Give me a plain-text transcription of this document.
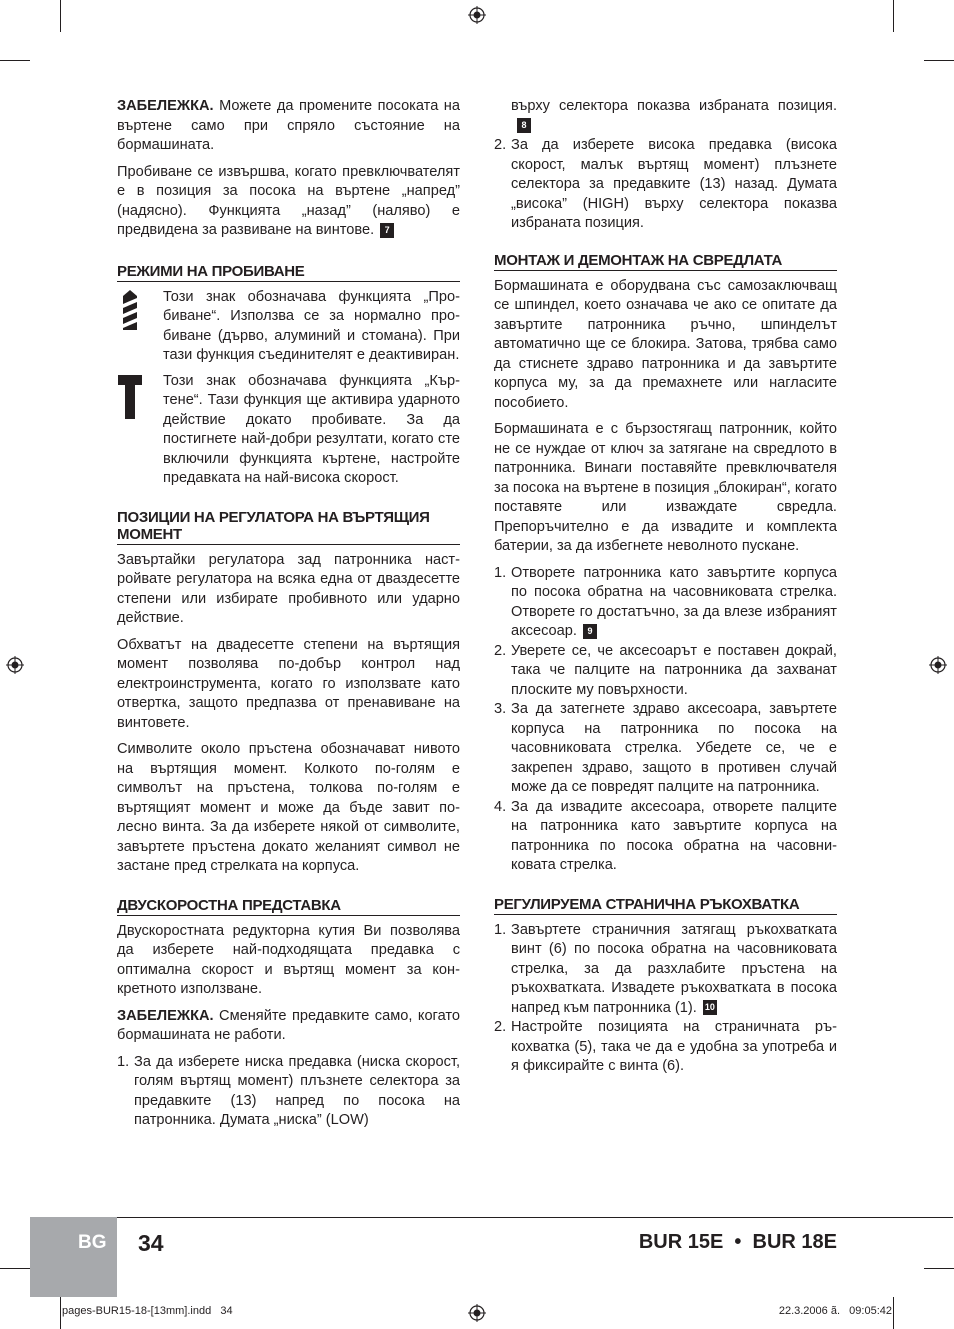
ЗАБЕЛЕЖКА. Можете да промените посоката на въртене само при спряло състояние на бормашината.

Пробиване се извършва, когато превключвателят е в позиция за посока на въртене „напред” (надясно). Функцията „назад” (наляво) е предвидена за развиване на винтове. 7

РЕЖИМИ НА ПРОБИВАНЕ

Този знак обозначава функцията „Пробиване“. Използва се за нормално пробиване (дърво, алуминий и стомана). При тази функция съединителят е деактивиран.

Този знак обозначава функцията „Къртене“. Тази функция ще активира ударното действие докато пробивате. За да постигнете най-добри резултати, когато сте включили функцията къртене, настройте предавката на най-висока скорост.

ПОЗИЦИИ НА РЕГУЛАТОРА НА ВЪРТЯЩИЯ МОМЕНТ

Завъртайки регулатора зад патронника настройвате регулатора на всяка една от дваздесетте степени или избирате пробивното или ударно действие.

Обхватът на двадесетте степени на въртящия момент позволява по-добър контрол над електроинструмента, когато го използвате като отвертка, защото предпазва от пренавиване на винтовете.

Символите около пръстена обозначават нивото на въртящия момент. Колкото по-голям е символът на пръстена, толкова по-голям е въртящият момент и може да бъде завит по-лесно винта. За да изберете някой от символите, завъртете пръстена докато желаният символ не застане пред стрелката на корпуса.

ДВУСКОРОСТНА ПРЕДСТАВКА

Двускоростната редукторна кутия Ви позволява да изберете най-подходящата предавка с оптимална скорост и въртящ момент за конкретното използване.

ЗАБЕЛЕЖКА. Сменяйте предавките само, когато бормашината не работи.

1. За да изберете ниска предавка (ниска скорост, голям въртящ момент) плъзнете селектора за предавките (13) напред по посока на патронника. Думата „ниска” (LOW)
върху селектора показва избраната позиция.8
2. За да изберете висока предавка (висока скорост, малък въртящ момент) плъзнете селектора за предавките (13) назад. Думата „висока” (HIGH) върху селектора показва избраната позиция.
МОНТАЖ И ДЕМОНТАЖ НА СВРЕДЛАТА

Бормашината е оборудвана със самозаключващ се шпиндел, което означава че ако се опитате да завъртите патронника ръчно, шпинделът автоматично ще се блокира. Затова, трябва само да стиснете здраво патронника и да завъртите корпуса му, за да премахнете или нагласите пособието.

Бормашината е с бързостягащ патронник, който не се нуждае от ключ за затягане на свредлото в патронника. Винаги поставяйте превключвателя за посока на въртене в позиция „блокиран“, когато поставяте или изваждате свредла. Препоръчително е да извадите и комплекта батерии, за да избегнете неволното пускане.

1. Отворете патронника като завъртите корпуса по посока обратна на часовниковата стрелка. Отворете го достатъчно, за да влезе избраният аксесоар. 9
2. Уверете се, че аксесоарът е поставен докрай, така че палците на патронника да захванат плоските му повърхности.
3. За да затегнете здраво аксесоара, завъртете корпуса на патронника по посока на часовниковата стрелка. Убедете се, че е закрепен здраво, защото в противен случай може да се повредят палците на патронника.
4. За да извадите аксесоара, отворете палците на патронника като завъртите корпуса на патронника по посока обратна на часовниковата стрелка.
РЕГУЛИРУЕМА СТРАНИЧНА РЪКОХВАТКА
1. Завъртете страничния затягащ ръкохватката винт (6) по посока обратна на часовниковата стрелка, за да разхлабите пръстена на ръкохватката. Извадете ръкохватката в посока напред към патронника (1). 10
2. Настройте позицията на страничната ръкохватка (5), така че да е удобна за употреба и я фиксирайте с винта (6).
BG 34	BUR 15E  •  BUR 18E
pages-BUR15-18-[13mm].indd   34	22.3.2006 ã.   09:05:42
